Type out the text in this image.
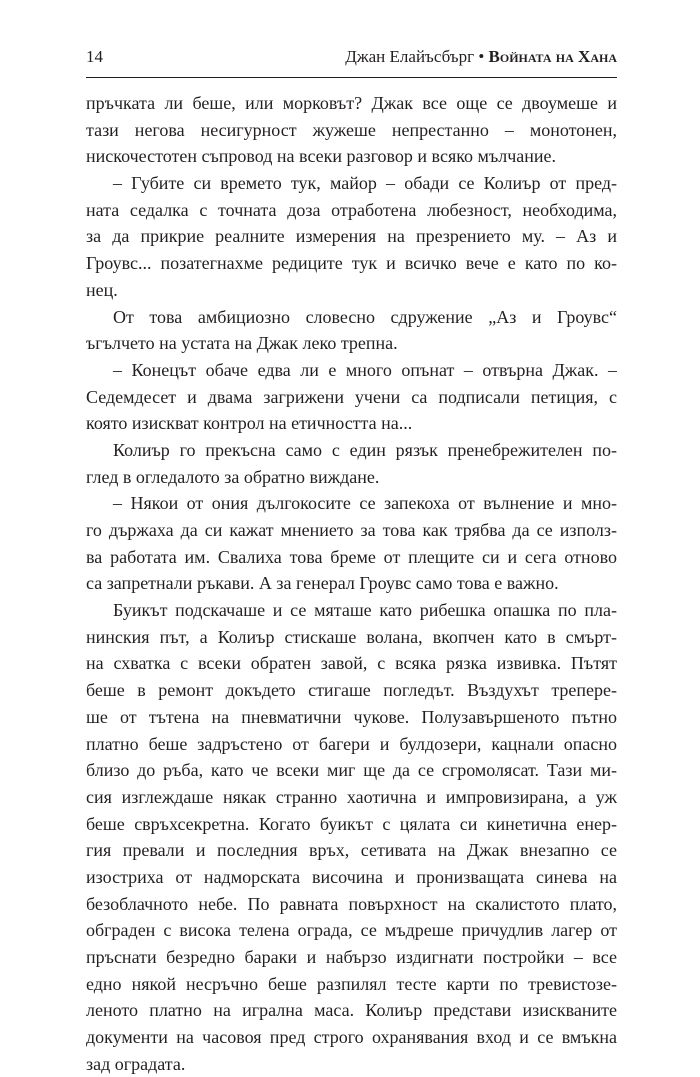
14	Джан Елайъсбърг • Войната на Хана
пръчката ли беше, или морковът? Джак все още се двоумеше и
тази негова несигурност жужеше непрестанно – монотонен,
нискочестотен съпровод на всеки разговор и всяко мълчание.
– Губите си времето тук, майор – обади се Колиър от пред-
ната седалка с точната доза отработена любезност, необходима,
за да прикрие реалните измерения на презрението му. – Аз и
Гроувс... позатегнахме редиците тук и всичко вече е като по ко-
нец.
От това амбициозно словесно сдружение „Аз и Гроувс“
ъгълчето на устата на Джак леко трепна.
– Конецът обаче едва ли е много опънат – отвърна Джак. –
Седемдесет и двама загрижени учени са подписали петиция, с
която изискват контрол на етичността на...
Колиър го прекъсна само с един рязък пренебрежителен по-
глед в огледалото за обратно виждане.
– Някои от ония дългокосите се запекоха от вълнение и мно-
го държаха да си кажат мнението за това как трябва да се използ-
ва работата им. Свалиха това бреме от плещите си и сега отново
са запретнали ръкави. А за генерал Гроувс само това е важно.
Буикът подскачаше и се мяташе като рибешка опашка по пла-
нинския път, а Колиър стискаше волана, вкопчен като в смърт-
на схватка с всеки обратен завой, с всяка рязка извивка. Пътят
беше в ремонт докъдето стигаше погледът. Въздухът трепере-
ше от тътена на пневматични чукове. Полузавършеното пътно
платно беше задръстено от багери и булдозери, кацнали опасно
близо до ръба, като че всеки миг ще да се сгромолясат. Тази ми-
сия изглеждаше някак странно хаотична и импровизирана, а уж
беше свръхсекретна. Когато буикът с цялата си кинетична енер-
гия превали и последния връх, сетивата на Джак внезапно се
изостриха от надморската височина и пронизващата синева на
безоблачното небе. По равната повърхност на скалистото плато,
обграден с висока телена ограда, се мъдреше причудлив лагер от
пръснати безредно бараки и набързо издигнати постройки – все
едно някой несръчно беше разпилял тесте карти по тревистозе-
леното платно на игрална маса. Колиър представи изискваните
документи на часовоя пред строго охранявания вход и се вмъкна
зад оградата.
